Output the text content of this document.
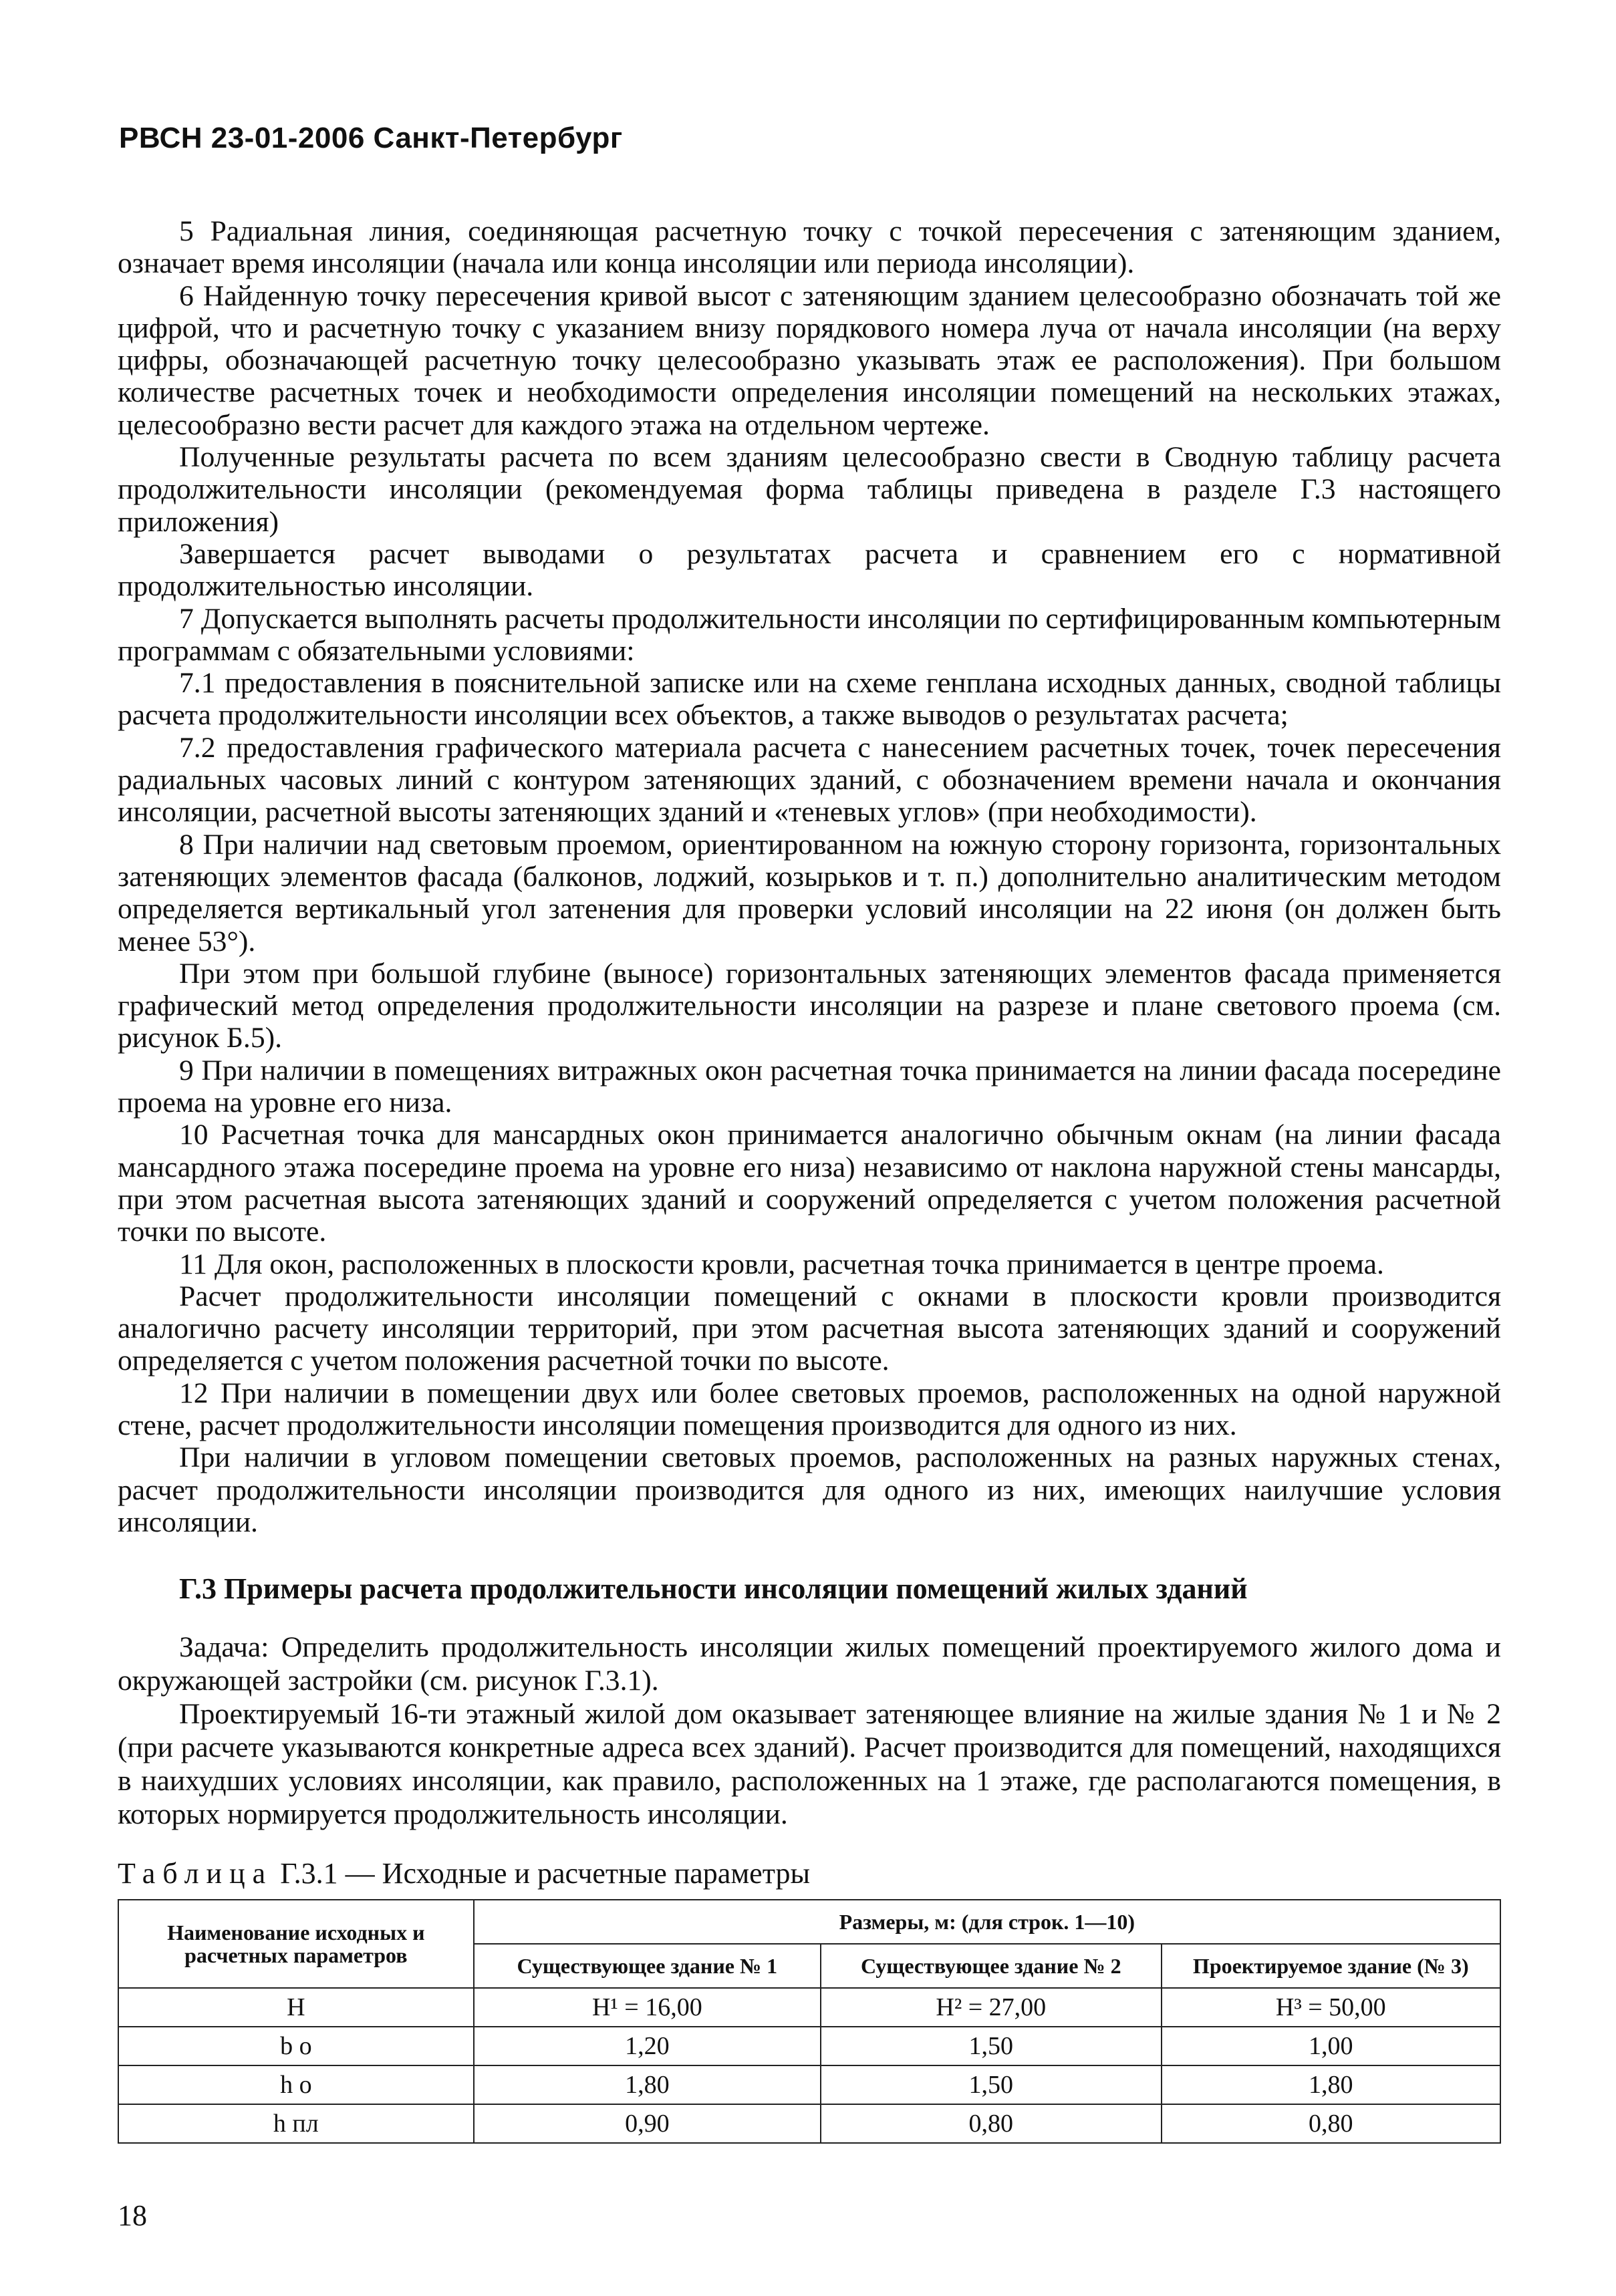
РВСН 23-01-2006 Санкт-Петербург

5 Радиальная линия, соединяющая расчетную точку с точкой пересечения с затеняющим зданием, означает время инсоляции (начала или конца инсоляции или периода инсоляции).

6 Найденную точку пересечения кривой высот с затеняющим зданием целесообразно обозначать той же цифрой, что и расчетную точку с указанием внизу порядкового номера луча от начала инсоляции (на верху цифры, обозначающей расчетную точку целесообразно указывать этаж ее расположения). При большом количестве расчетных точек и необходимости определения инсоляции помещений на нескольких этажах, целесообразно вести расчет для каждого этажа на отдельном чертеже.

Полученные результаты расчета по всем зданиям целесообразно свести в Сводную таблицу расчета продолжительности инсоляции (рекомендуемая форма таблицы приведена в разделе Г.3 настоящего приложения)

Завершается расчет выводами о результатах расчета и сравнением его с нормативной продолжительностью инсоляции.

7 Допускается выполнять расчеты продолжительности инсоляции по сертифицированным компьютерным программам с обязательными условиями:

7.1 предоставления в пояснительной записке или на схеме генплана исходных данных, сводной таблицы расчета продолжительности инсоляции всех объектов, а также выводов о результатах расчета;

7.2 предоставления графического материала расчета с нанесением расчетных точек, точек пересечения радиальных часовых линий с контуром затеняющих зданий, с обозначением времени начала и окончания инсоляции, расчетной высоты затеняющих зданий и «теневых углов» (при необходимости).

8 При наличии над световым проемом, ориентированном на южную сторону горизонта, горизонтальных затеняющих элементов фасада (балконов, лоджий, козырьков и т. п.) дополнительно аналитическим методом определяется вертикальный угол затенения для проверки условий инсоляции на 22 июня (он должен быть менее 53°).

При этом при большой глубине (выносе) горизонтальных затеняющих элементов фасада применяется графический метод определения продолжительности инсоляции на разрезе и плане светового проема (см. рисунок Б.5).

9 При наличии в помещениях витражных окон расчетная точка принимается на линии фасада посередине проема на уровне его низа.

10 Расчетная точка для мансардных окон принимается аналогично обычным окнам (на линии фасада мансардного этажа посередине проема на уровне его низа) независимо от наклона наружной стены мансарды, при этом расчетная высота затеняющих зданий и сооружений определяется с учетом положения расчетной точки по высоте.

11 Для окон, расположенных в плоскости кровли, расчетная точка принимается в центре проема.

Расчет продолжительности инсоляции помещений с окнами в плоскости кровли производится аналогично расчету инсоляции территорий, при этом расчетная высота затеняющих зданий и сооружений определяется с учетом положения расчетной точки по высоте.

12 При наличии в помещении двух или более световых проемов, расположенных на одной наружной стене, расчет продолжительности инсоляции помещения производится для одного из них.

При наличии в угловом помещении световых проемов, расположенных на разных наружных стенах, расчет продолжительности инсоляции производится для одного из них, имеющих наилучшие условия инсоляции.

Г.3 Примеры расчета продолжительности инсоляции помещений жилых зданий

Задача: Определить продолжительность инсоляции жилых помещений проектируемого жилого дома и окружающей застройки (см. рисунок Г.3.1).

Проектируемый 16-ти этажный жилой дом оказывает затеняющее влияние на жилые здания № 1 и № 2 (при расчете указываются конкретные адреса всех зданий). Расчет производится для помещений, находящихся в наихудших условиях инсоляции, как правило, расположенных на 1 этаже, где располагаются помещения, в которых нормируется продолжительность инсоляции.

Таблица Г.3.1 — Исходные и расчетные параметры
Наименование исходных и расчетных параметров	Размеры, м: (для строк. 1—10)		
	Существующее здание № 1	Существующее здание № 2	Проектируемое здание (№ 3)
H	H¹ = 16,00	H² = 27,00	H³ = 50,00
b o	1,20	1,50	1,00
h o	1,80	1,50	1,80
h пл	0,90	0,80	0,80
18
